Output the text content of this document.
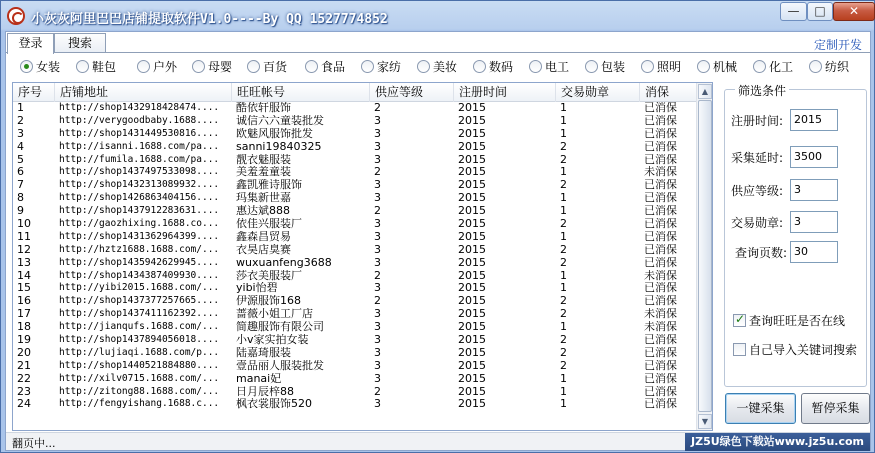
小灰灰阿里巴巴店铺提取软件V1.0----By QQ 1527774852
—	□	✕
登录	搜索	定制开发
女装	鞋包	户外	母婴	百货	食品	家纺	美妆	数码	电工	包装	照明	机械	化工	纺织
序号	店铺地址	旺旺帐号	供应等级	注册时间	交易勋章	消保
1	http://shop1432918428474....	酷依轩服饰	2	2015	1	已消保
2	http://verygoodbaby.1688....	诚信六六童装批发	3	2015	1	已消保
3	http://shop1431449530816....	欧魅风服饰批发	3	2015	1	已消保
4	http://isanni.1688.com/pa...	sanni19840325	3	2015	2	已消保
5	http://fumila.1688.com/pa...	靓衣魅服装	3	2015	2	已消保
6	http://shop1437497533098....	美羞羞童装	2	2015	1	未消保
7	http://shop1432313089932....	鑫凯雅诗服饰	3	2015	2	已消保
8	http://shop1426863404156....	玛集新世嘉	3	2015	1	已消保
9	http://shop1437912283631....	惠达斌888	2	2015	1	已消保
10	http://gaozhixing.1688.co...	依佳兴服装厂	3	2015	2	已消保
11	http://shop1431362964399....	鑫森昌贸易	3	2015	1	已消保
12	http://hztz1688.1688.com/...	衣昊店臭赛	3	2015	2	已消保
13	http://shop1435942629945....	wuxuanfeng3688	3	2015	2	已消保
14	http://shop1434387409930....	莎衣美服装厂	2	2015	1	未消保
15	http://yibi2015.1688.com/...	yibi怡碧	3	2015	1	已消保
16	http://shop1437377257665....	伊源服饰168	2	2015	2	已消保
17	http://shop1437411162392....	蔷薇小姐工厂店	3	2015	2	未消保
18	http://jianqufs.1688.com/...	简趣服饰有限公司	3	2015	1	未消保
19	http://shop1437894056018....	小v家实拍女装	3	2015	2	已消保
20	http://lujiaqi.1688.com/p...	陆嘉琦服装	3	2015	2	已消保
21	http://shop1440521884880....	壹品丽人服装批发	3	2015	2	已消保
22	http://xilv0715.1688.com/...	manai妃	3	2015	1	已消保
23	http://zitong88.1688.com/...	日月辰梓88	2	2015	1	已消保
24	http://fengyishang.1688.c...	枫衣裳服饰520	3	2015	1	已消保
▲
▼
筛选条件
注册时间: 2015
采集延时: 3500
供应等级: 3
交易勋章: 3
查询页数: 30
✓查询旺旺是否在线
自己导入关键词搜索
一键采集	暂停采集
翻页中...	JZ5U绿色下载站www.jz5u.com
